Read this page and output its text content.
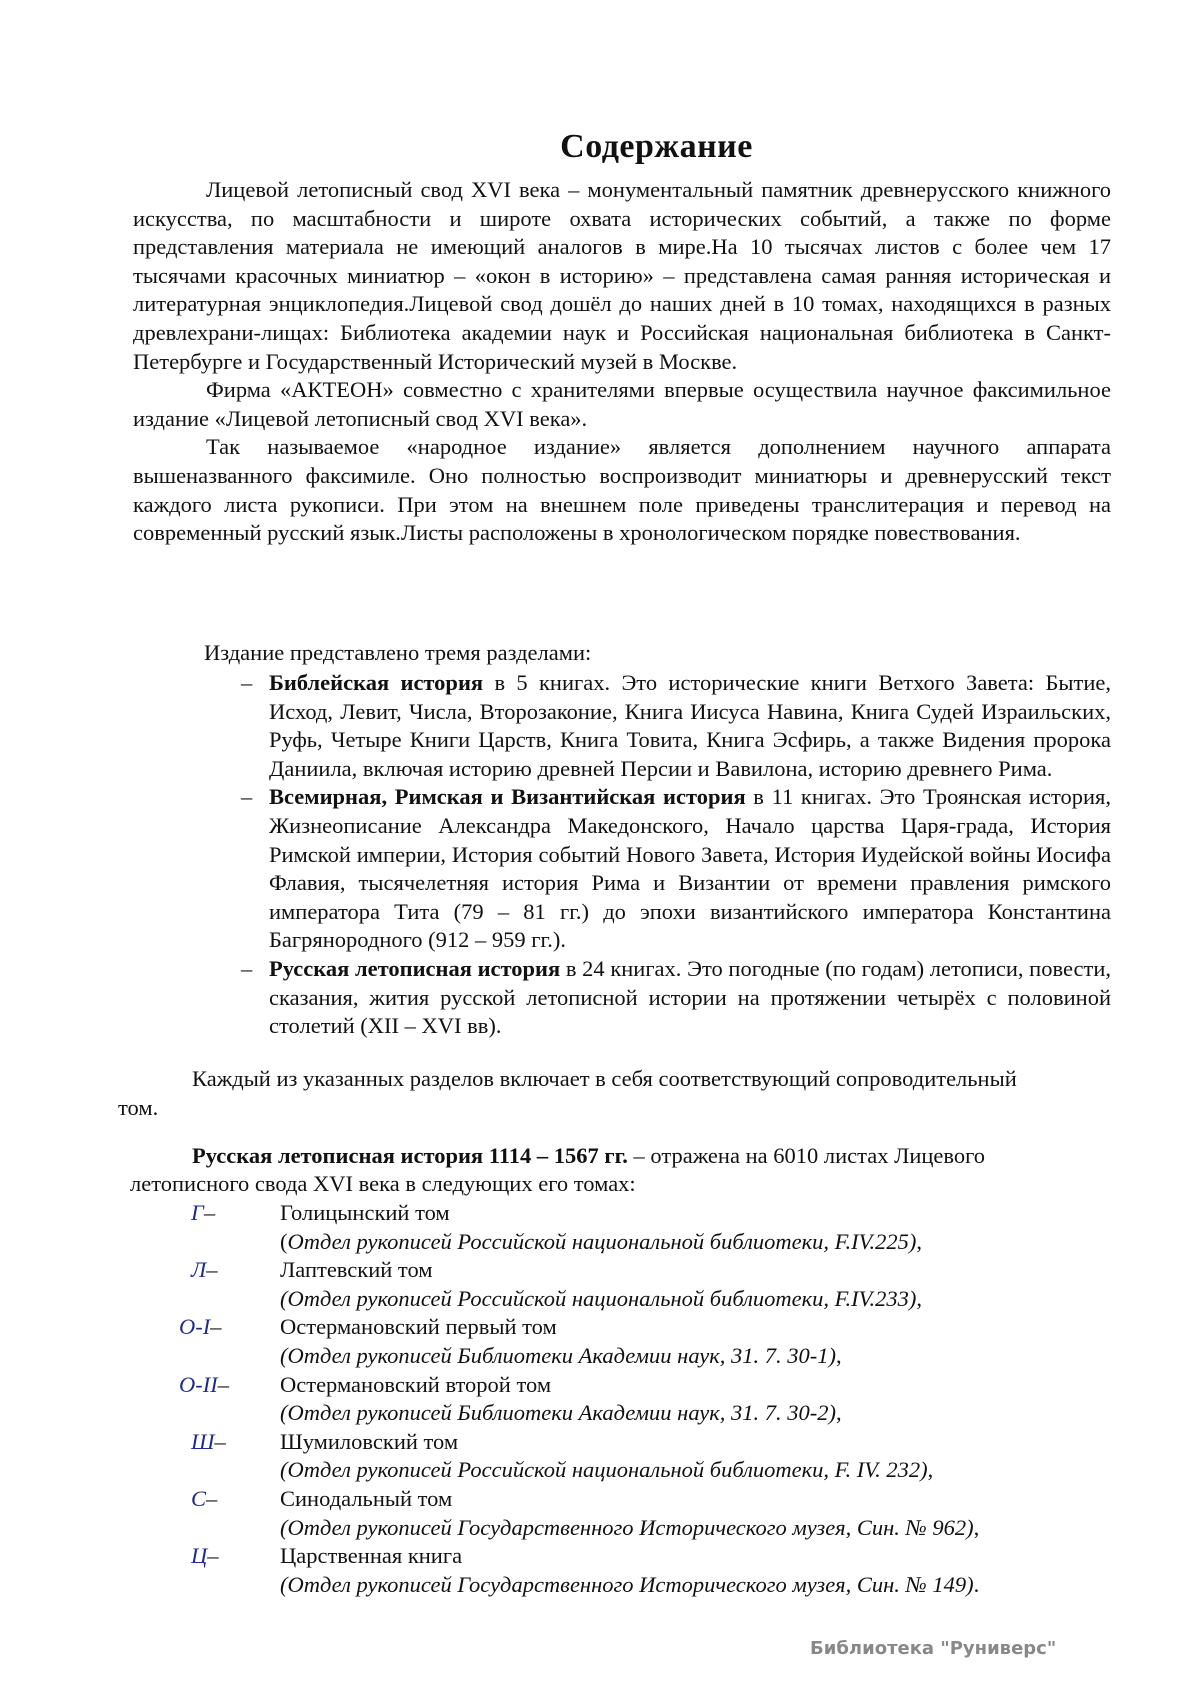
Содержание

Лицевой летописный свод XVI века – монументальный памятник древнерусского книжного искусства, по масштабности и широте охвата исторических событий, а также по форме представления материала не имеющий аналогов в мире.На 10 тысячах листов с более чем 17 тысячами красочных миниатюр – «окон в историю» – представлена самая ранняя историческая и литературная энциклопедия.Лицевой свод дошёл до наших дней в 10 томах, находящихся в разных древлехрани-лищах: Библиотека академии наук и Российская национальная библиотека в Санкт-Петербурге и Государственный Исторический музей в Москве.

Фирма «АКТЕОН» совместно с хранителями впервые осуществила научное факсимильное издание «Лицевой летописный свод XVI века».

Так называемое «народное издание» является дополнением научного аппарата вышеназванного факсимиле. Оно полностью воспроизводит миниатюры и древнерусский текст каждого листа рукописи. При этом на внешнем поле приведены транслитерация и перевод на современный русский язык.Листы расположены в хронологическом порядке повествования.

Издание представлено тремя разделами:

– Библейская история в 5 книгах. Это исторические книги Ветхого Завета: Бытие, Исход, Левит, Числа, Второзаконие, Книга Иисуса Навина, Книга Судей Израильских, Руфь, Четыре Книги Царств, Книга Товита, Книга Эсфирь, а также Видения пророка Даниила, включая историю древней Персии и Вавилона, историю древнего Рима.

– Всемирная, Римская и Византийская история в 11 книгах. Это Троянская история, Жизнеописание Александра Македонского, Начало царства Царя-града, История Римской империи, История событий Нового Завета, История Иудейской войны Иосифа Флавия, тысячелетняя история Рима и Византии от времени правления римского императора Тита (79 – 81 гг.) до эпохи византийского императора Константина Багрянородного (912 – 959 гг.).

– Русская летописная история в 24 книгах. Это погодные (по годам) летописи, повести, сказания, жития русской летописной истории на протяжении четырёх с половиной столетий (XII – XVI вв).

Каждый из указанных разделов включает в себя соответствующий сопроводительный
том.
Русская летописная история 1114 – 1567 гг. – отражена на 6010 листах Лицевого
летописного свода XVI века в следующих его томах:
Г–	Голицынский том
(Отдел рукописей Российской национальной библиотеки, F.IV.225),
Л–	Лаптевский том
(Отдел рукописей Российской национальной библиотеки, F.IV.233),
О-I–	Остермановский первый том
(Отдел рукописей Библиотеки Академии наук, 31. 7. 30-1),
О-II– Остермановский второй том
(Отдел рукописей Библиотеки Академии наук, 31. 7. 30-2),
Ш– Шумиловский том
(Отдел рукописей Российской национальной библиотеки, F. IV. 232),
С–	Синодальный том
(Отдел рукописей Государственного Исторического музея, Син. № 962),
Ц–	Царственная книга
(Отдел рукописей Государственного Исторического музея, Син. № 149).
Библиотека "Руниверс"
